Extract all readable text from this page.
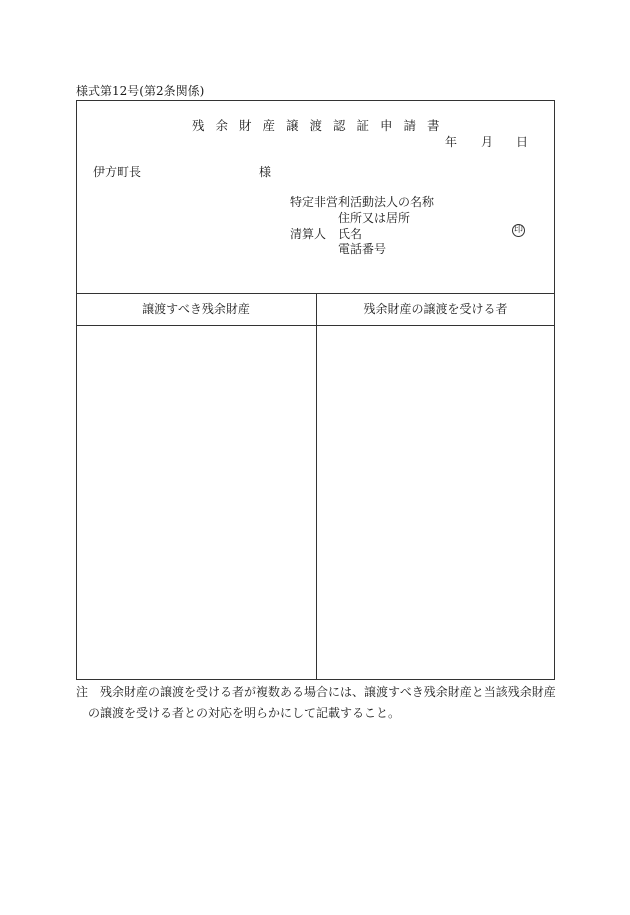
様式第12号(第2条関係)
残余財産譲渡認証申請書
年 月 日
伊方町長	様
特定非営利活動法人の名称
住所又は居所
清算人 氏名	印
電話番号
譲渡すべき残余財産	残余財産の譲渡を受ける者
注　残余財産の譲渡を受ける者が複数ある場合には、譲渡すべき残余財産と当該残余財産
の譲渡を受ける者との対応を明らかにして記載すること。
